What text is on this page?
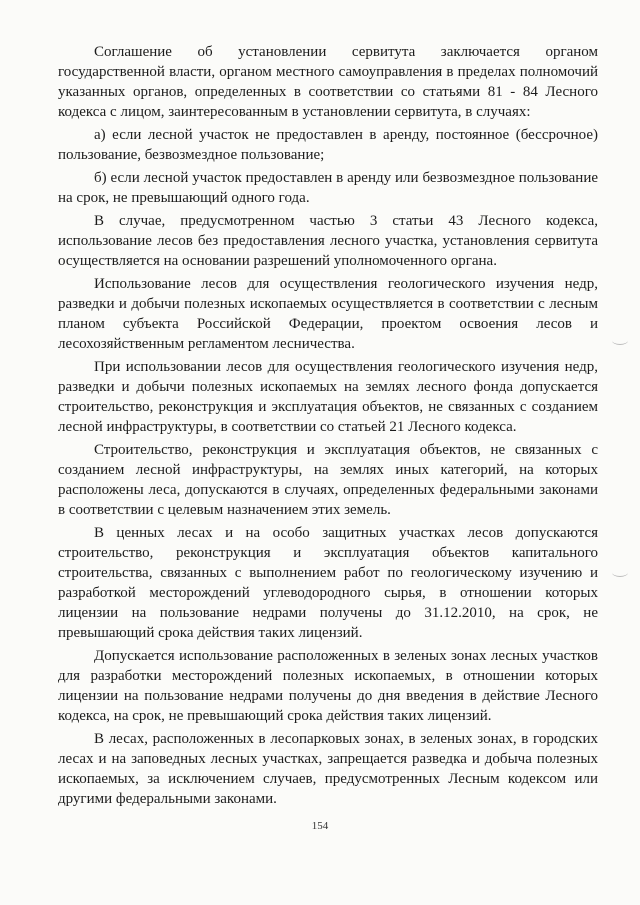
Соглашение об установлении сервитута заключается органом государственной власти, органом местного самоуправления в пределах полномочий указанных органов, определенных в соответствии со статьями 81 - 84 Лесного кодекса с лицом, заинтересованным в установлении сервитута, в случаях:

а) если лесной участок не предоставлен в аренду, постоянное (бессрочное) пользование, безвозмездное пользование;

б) если лесной участок предоставлен в аренду или безвозмездное пользование на срок, не превышающий одного года.

В случае, предусмотренном частью 3 статьи 43 Лесного кодекса, использование лесов без предоставления лесного участка, установления сервитута осуществляется на основании разрешений уполномоченного органа.

Использование лесов для осуществления геологического изучения недр, разведки и добычи полезных ископаемых осуществляется в соответствии с лесным планом субъекта Российской Федерации, проектом освоения лесов и лесохозяйственным регламентом лесничества.

При использовании лесов для осуществления геологического изучения недр, разведки и добычи полезных ископаемых на землях лесного фонда допускается строительство, реконструкция и эксплуатация объектов, не связанных с созданием лесной инфраструктуры, в соответствии со статьей 21 Лесного кодекса.

Строительство, реконструкция и эксплуатация объектов, не связанных с созданием лесной инфраструктуры, на землях иных категорий, на которых расположены леса, допускаются в случаях, определенных федеральными законами в соответствии с целевым назначением этих земель.

В ценных лесах и на особо защитных участках лесов допускаются строительство, реконструкция и эксплуатация объектов капитального строительства, связанных с выполнением работ по геологическому изучению и разработкой месторождений углеводородного сырья, в отношении которых лицензии на пользование недрами получены до 31.12.2010, на срок, не превышающий срока действия таких лицензий.

Допускается использование расположенных в зеленых зонах лесных участков для разработки месторождений полезных ископаемых, в отношении которых лицензии на пользование недрами получены до дня введения в действие Лесного кодекса, на срок, не превышающий срока действия таких лицензий.

В лесах, расположенных в лесопарковых зонах, в зеленых зонах, в городских лесах и на заповедных лесных участках, запрещается разведка и добыча полезных ископаемых, за исключением случаев, предусмотренных Лесным кодексом или другими федеральными законами.

154
